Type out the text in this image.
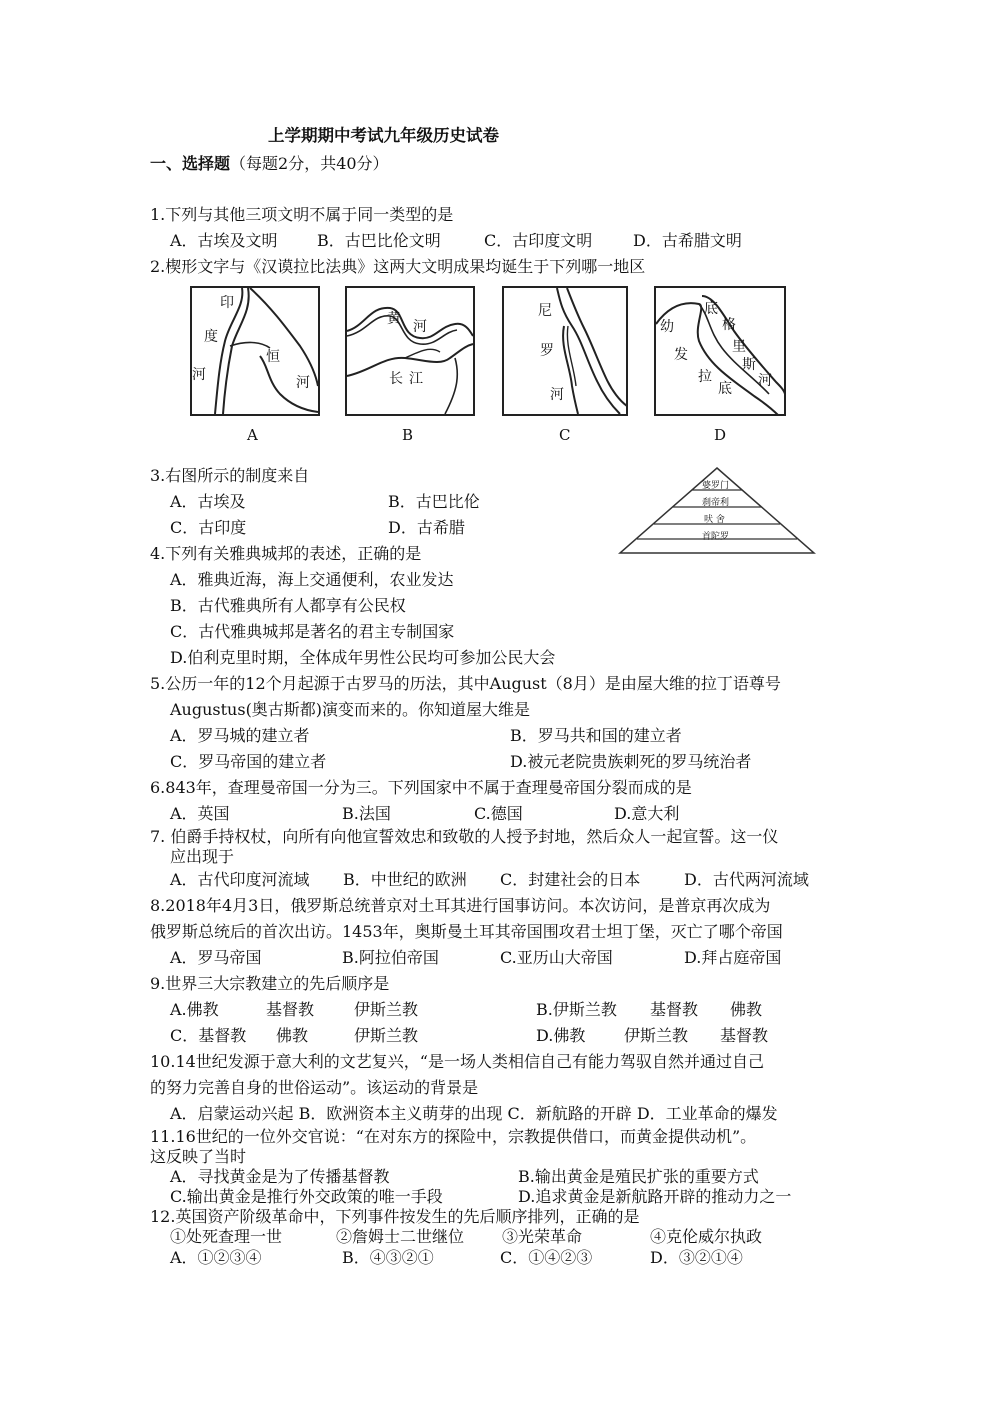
上学期期中考试九年级历史试卷
一、选择题（每题2分，共40分）
1.下列与其他三项文明不属于同一类型的是
A．古埃及文明 B．古巴比伦文明	C．古印度文明	D．古希腊文明
2.楔形文字与《汉谟拉比法典》这两大文明成果均诞生于下列哪一地区
印
度
河
恒
河
A
黄 河
长 江
B
尼
罗
河
C
幼
发
拉
底
格
里
斯
底 河
D
3.右图所示的制度来自
A．古埃及	B．古巴比伦
C．古印度	D．古希腊
婆罗门
刹帝利
吠 舍
首陀罗
4.下列有关雅典城邦的表述，正确的是
A．雅典近海，海上交通便利，农业发达
B．古代雅典所有人都享有公民权
C．古代雅典城邦是著名的君主专制国家
D.伯利克里时期，全体成年男性公民均可参加公民大会
5.公历一年的12个月起源于古罗马的历法，其中August（8月）是由屋大维的拉丁语尊号
Augustus(奥古斯都)演变而来的。你知道屋大维是
A．罗马城的建立者	B．罗马共和国的建立者
C．罗马帝国的建立者	D.被元老院贵族刺死的罗马统治者
6.843年，查理曼帝国一分为三。下列国家中不属于查理曼帝国分裂而成的是
A．英国	B.法国	C.德国	D.意大利
7. 伯爵手持权杖，向所有向他宣誓效忠和致敬的人授予封地，然后众人一起宣誓。这一仪
应出现于
A．古代印度河流域 B．中世纪的欧洲 C．封建社会的日本	D．古代两河流域
8.2018年4月3日，俄罗斯总统普京对土耳其进行国事访问。本次访问，是普京再次成为
俄罗斯总统后的首次出访。1453年，奥斯曼土耳其帝国围攻君士坦丁堡，灭亡了哪个帝国
A．罗马帝国	B.阿拉伯帝国	C.亚历山大帝国	D.拜占庭帝国
9.世界三大宗教建立的先后顺序是
A.佛教	基督教 伊斯兰教	B.伊斯兰教 基督教 佛教
C．基督教 佛教	伊斯兰教	D.佛教 伊斯兰教 基督教
10.14世纪发源于意大利的文艺复兴，“是一场人类相信自己有能力驾驭自然并通过自己
的努力完善自身的世俗运动”。该运动的背景是
A．启蒙运动兴起 B．欧洲资本主义萌芽的出现 C．新航路的开辟 D．工业革命的爆发
11.16世纪的一位外交官说：“在对东方的探险中，宗教提供借口，而黄金提供动机”。
这反映了当时
A．寻找黄金是为了传播基督教	B.输出黄金是殖民扩张的重要方式
C.输出黄金是推行外交政策的唯一手段	D.追求黄金是新航路开辟的推动力之一
12.英国资产阶级革命中，下列事件按发生的先后顺序排列，正确的是
①处死查理一世	②詹姆士二世继位 ③光荣革命	④克伦威尔执政
A．①②③④	B．④③②①	C．①④②③	D．③②①④
